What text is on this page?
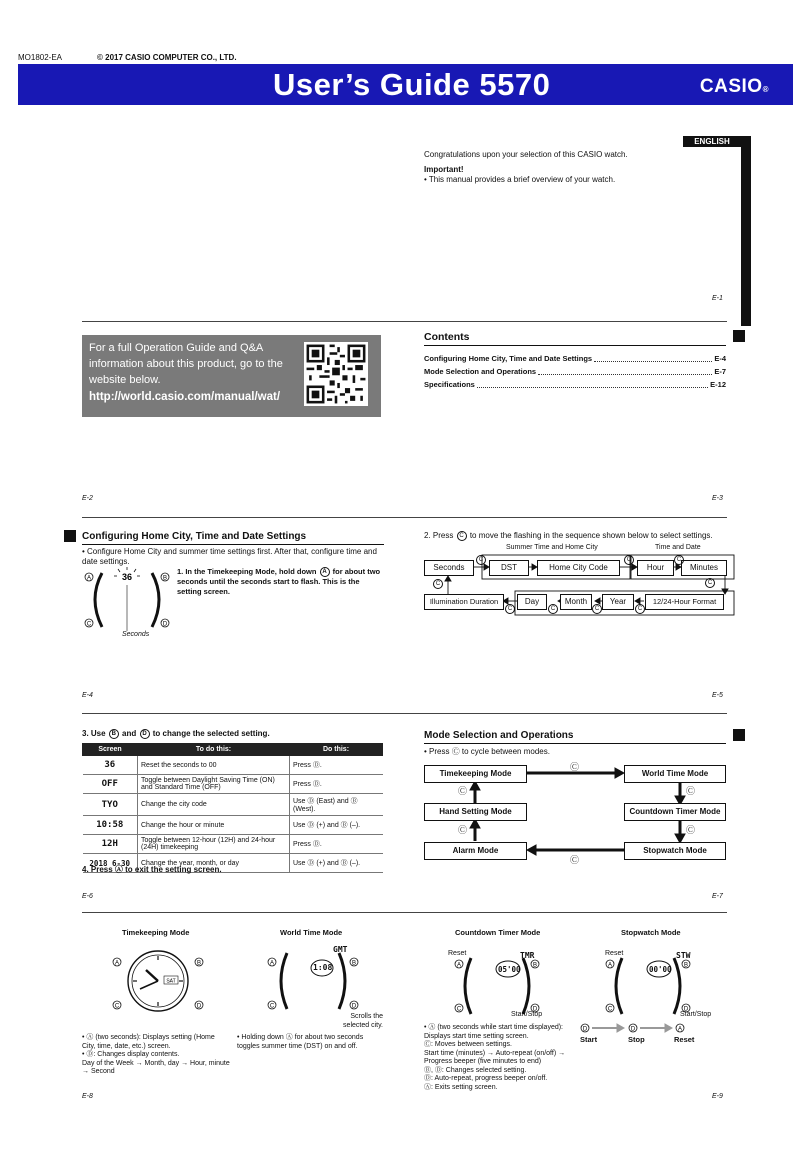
MO1802-EA	© 2017 CASIO COMPUTER CO., LTD.
User’s Guide 5570	CASIO®
ENGLISH
Congratulations upon your selection of this CASIO watch.
Important!
• This manual provides a brief overview of your watch.
E-1
For a full Operation Guide and Q&A information about this product, go to the website below.
http://world.casio.com/manual/wat/
E-2
Contents
Configuring Home City, Time and Date Settings	E-4
Mode Selection and Operations	E-7
Specifications	E-12
E-3
Configuring Home City, Time and Date Settings
• Configure Home City and summer time settings first. After that, configure time and date settings.
A	B
C	D
36
Seconds
1. In the Timekeeping Mode, hold down A for about two seconds until the seconds start to flash. This is the setting screen.
E-4
2. Press C to move the flashing in the sequence shown below to select settings.
Summer Time and Home City	Time and Date
Seconds	DST	Home City Code	Hour	Minutes
Illumination Duration	Day	Month	Year	12/24-Hour Format
C	C	C
C
C	C	C	C
C
E-5
3. Use B and D to change the selected setting.
Screen	To do this:	Do this:
36	Reset the seconds to 00	Press Ⓓ.
OFF	Toggle between Daylight Saving Time (ON) and Standard Time (OFF)	Press Ⓓ.
TYO	Change the city code	Use Ⓓ (East) and Ⓑ (West).
10:58	Change the hour or minute	Use Ⓓ (+) and Ⓑ (–).
12H	Toggle between 12-hour (12H) and 24-hour (24H) timekeeping	Press Ⓓ.
2018 6-30	Change the year, month, or day	Use Ⓓ (+) and Ⓑ (–).
4. Press Ⓐ to exit the setting screen.
E-6
Mode Selection and Operations
• Press Ⓒ to cycle between modes.
Timekeeping Mode	World Time Mode
Hand Setting Mode	Countdown Timer Mode
Alarm Mode	Stopwatch Mode
Ⓒ
Ⓒ
Ⓒ
Ⓒ
Ⓒ
Ⓒ
E-7
Timekeeping Mode	World Time Mode
SAT
A	B
C	D
A	B
C	D
1:08
GMT
Scrolls the selected city.
• Ⓐ (two seconds): Displays setting (Home City, time, date, etc.) screen.
• Ⓓ: Changes display contents.
Day of the Week → Month, day → Hour, minute → Second
• Holding down Ⓐ for about two seconds toggles summer time (DST) on and off.
E-8
Countdown Timer Mode	Stopwatch Mode
A	B
C	D
05'00
TMR
Reset
Start/Stop
A	B
C	D
00'00
STW
Reset
Start/Stop
• Ⓐ (two seconds while start time displayed): Displays start time setting screen.
Ⓒ: Moves between settings.
Start time (minutes) → Auto-repeat (on/off) → Progress beeper (five minutes to end)
Ⓑ, Ⓓ: Changes selected setting.
Ⓓ: Auto-repeat, progress beeper on/off.
Ⓐ: Exits setting screen.
D	D	A
Start	Stop	Reset
E-9
